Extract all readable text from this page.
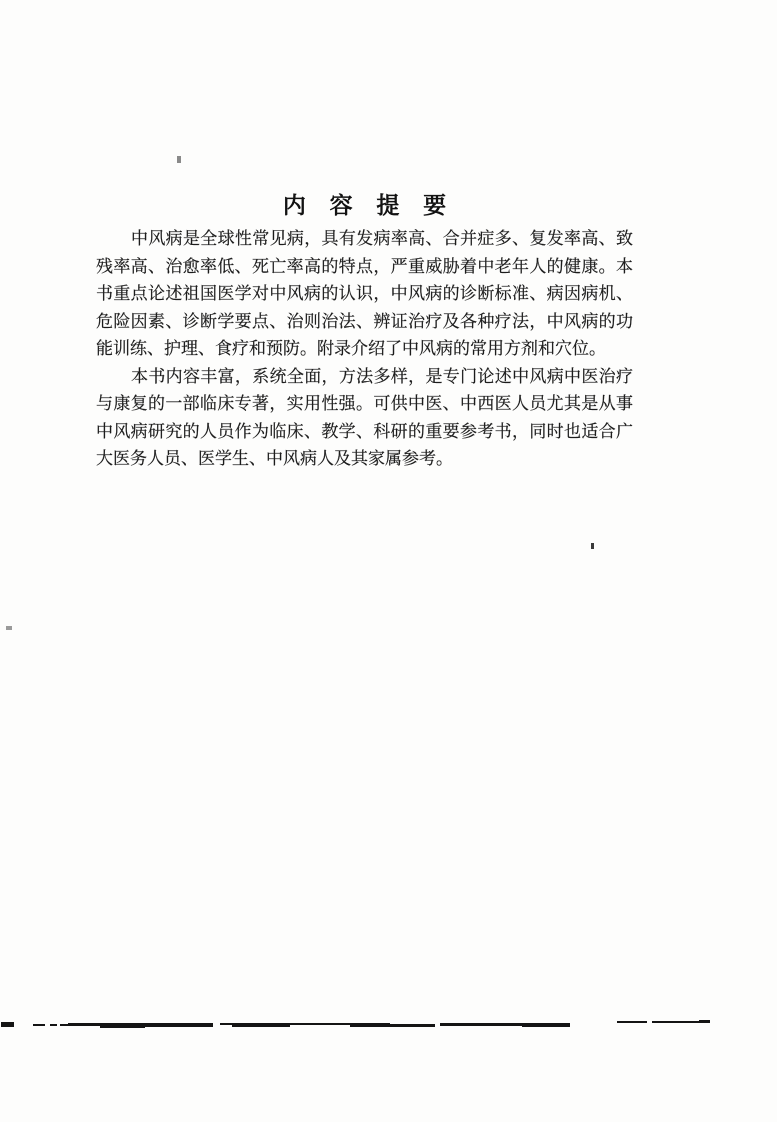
内 容 提 要
中风病是全球性常见病，具有发病率高、合并症多、复发率高、致
残率高、治愈率低、死亡率高的特点，严重威胁着中老年人的健康。本
书重点论述祖国医学对中风病的认识，中风病的诊断标准、病因病机、
危险因素、诊断学要点、治则治法、辨证治疗及各种疗法，中风病的功
能训练、护理、食疗和预防。附录介绍了中风病的常用方剂和穴位。
本书内容丰富，系统全面，方法多样，是专门论述中风病中医治疗
与康复的一部临床专著，实用性强。可供中医、中西医人员尤其是从事
中风病研究的人员作为临床、教学、科研的重要参考书，同时也适合广
大医务人员、医学生、中风病人及其家属参考。
